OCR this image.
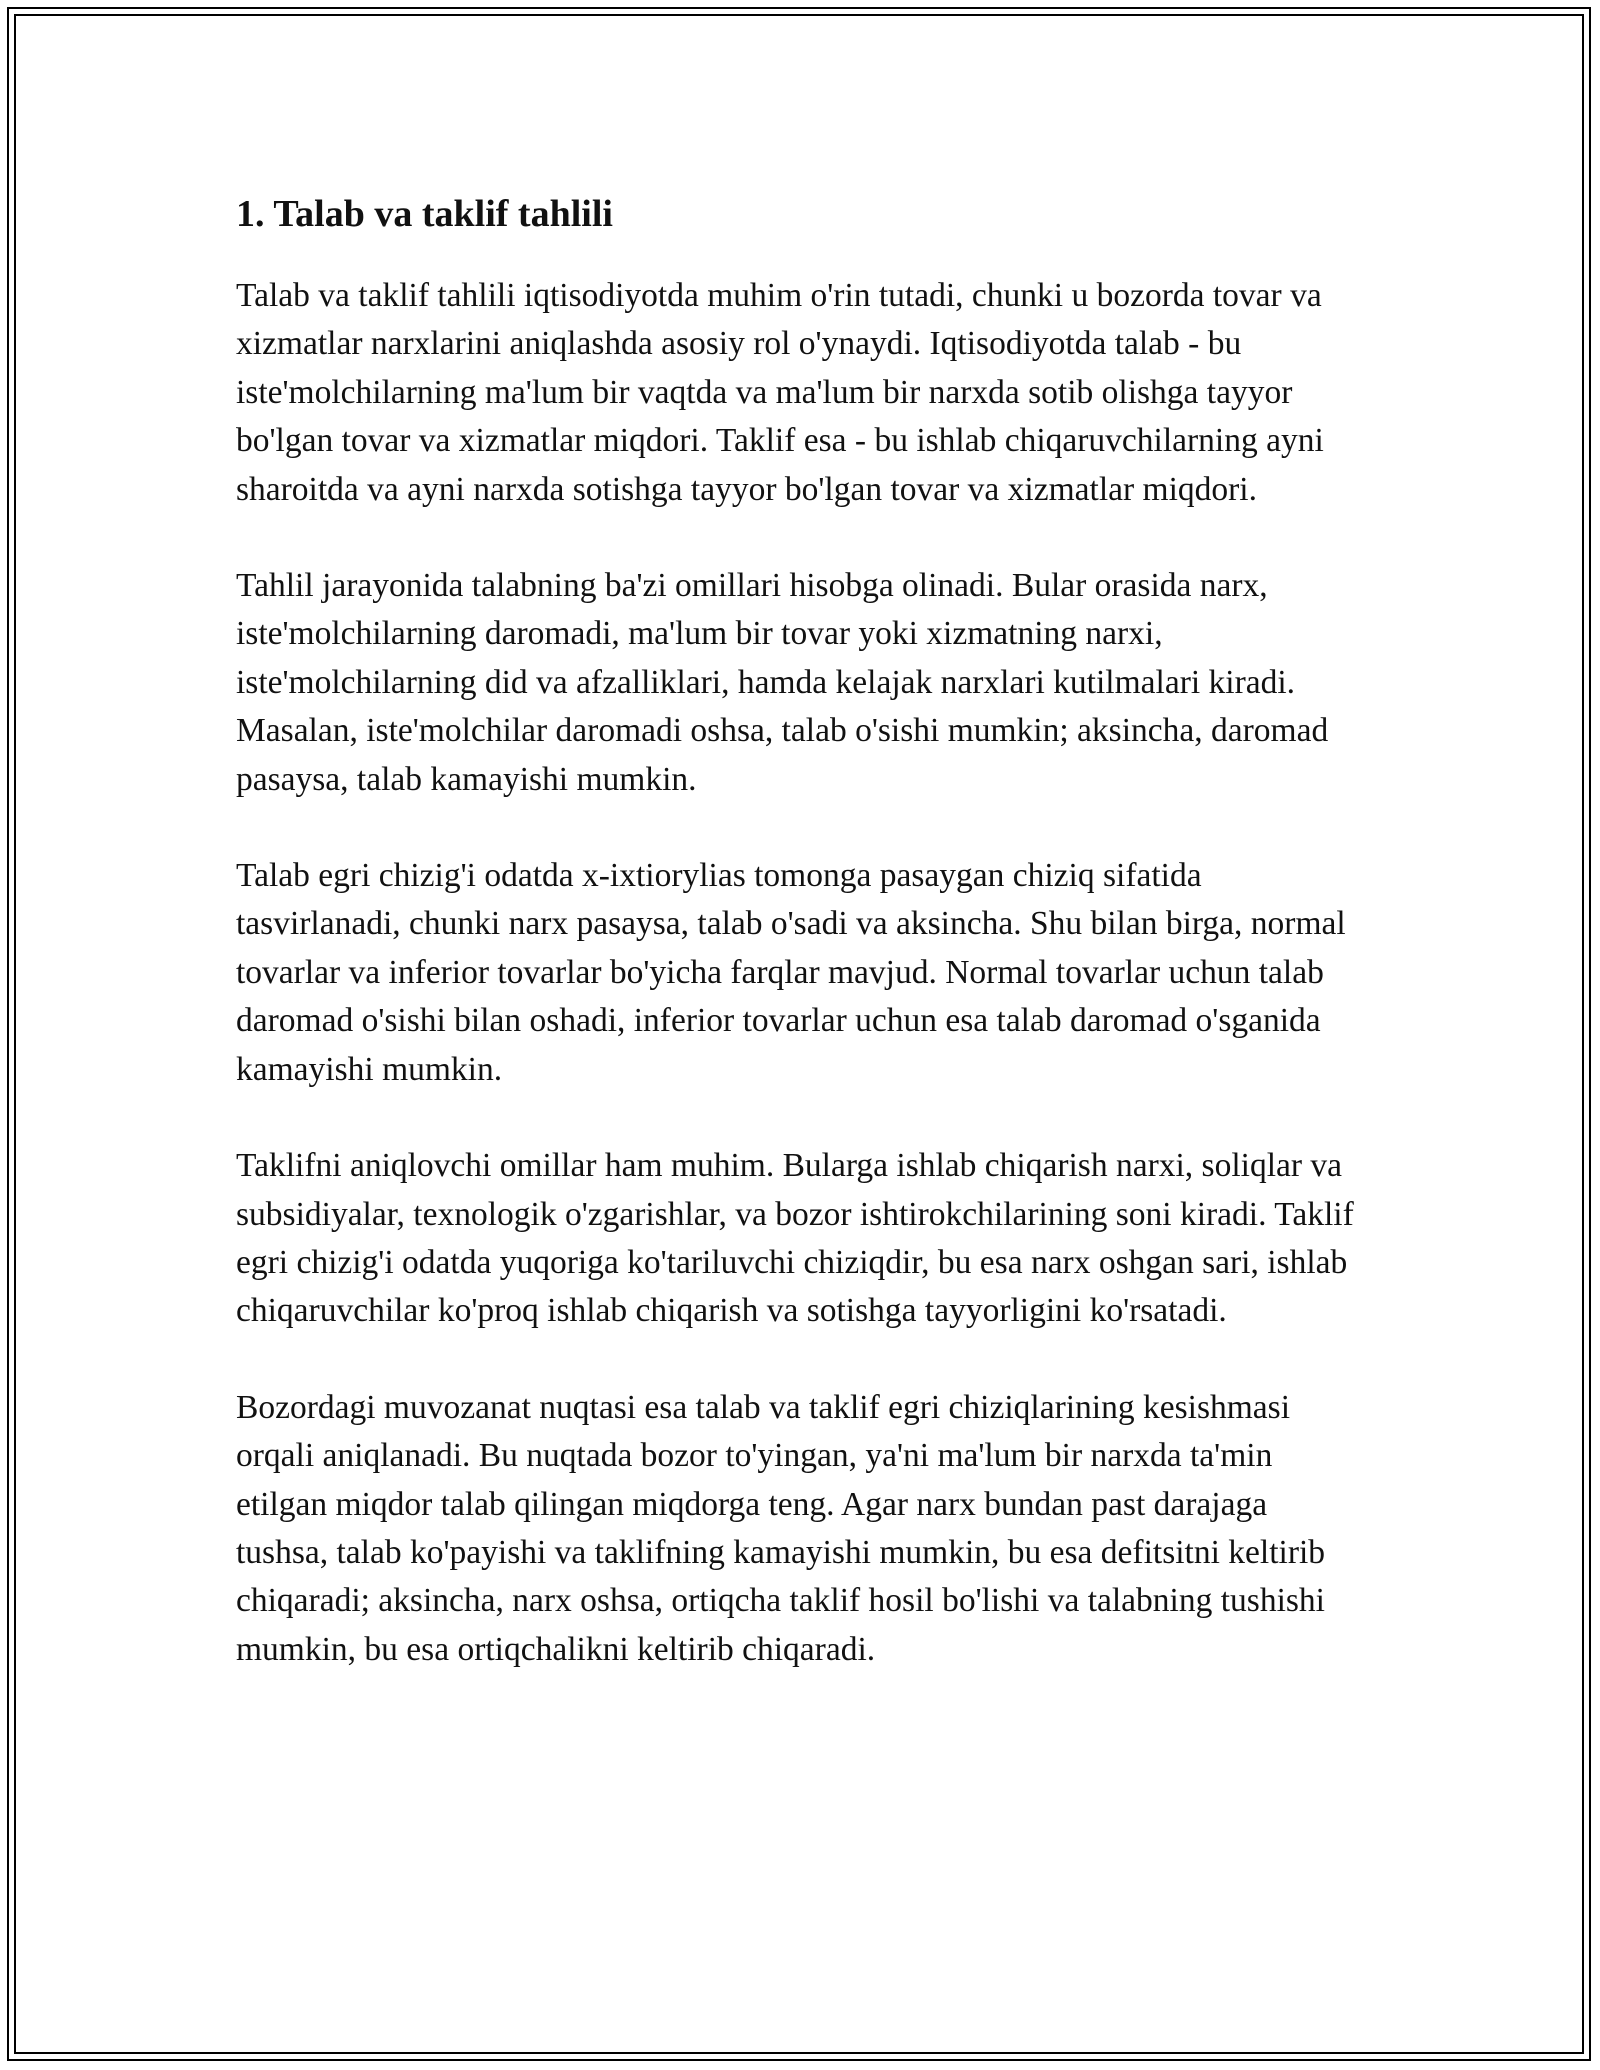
1. Talab va taklif tahlili

Talab va taklif tahlili iqtisodiyotda muhim o'rin tutadi, chunki u bozorda tovar va xizmatlar narxlarini aniqlashda asosiy rol o'ynaydi. Iqtisodiyotda talab - bu iste'molchilarning ma'lum bir vaqtda va ma'lum bir narxda sotib olishga tayyor bo'lgan tovar va xizmatlar miqdori. Taklif esa - bu ishlab chiqaruvchilarning ayni sharoitda va ayni narxda sotishga tayyor bo'lgan tovar va xizmatlar miqdori.

Tahlil jarayonida talabning ba'zi omillari hisobga olinadi. Bular orasida narx, iste'molchilarning daromadi, ma'lum bir tovar yoki xizmatning narxi, iste'molchilarning did va afzalliklari, hamda kelajak narxlari kutilmalari kiradi. Masalan, iste'molchilar daromadi oshsa, talab o'sishi mumkin; aksincha, daromad pasaysa, talab kamayishi mumkin.

Talab egri chizig'i odatda x-ixtiorylias tomonga pasaygan chiziq sifatida tasvirlanadi, chunki narx pasaysa, talab o'sadi va aksincha. Shu bilan birga, normal tovarlar va inferior tovarlar bo'yicha farqlar mavjud. Normal tovarlar uchun talab daromad o'sishi bilan oshadi, inferior tovarlar uchun esa talab daromad o'sganida kamayishi mumkin.

Taklifni aniqlovchi omillar ham muhim. Bularga ishlab chiqarish narxi, soliqlar va subsidiyalar, texnologik o'zgarishlar, va bozor ishtirokchilarining soni kiradi. Taklif egri chizig'i odatda yuqoriga ko'tariluvchi chiziqdir, bu esa narx oshgan sari, ishlab chiqaruvchilar ko'proq ishlab chiqarish va sotishga tayyorligini ko'rsatadi.

Bozordagi muvozanat nuqtasi esa talab va taklif egri chiziqlarining kesishmasi orqali aniqlanadi. Bu nuqtada bozor to'yingan, ya'ni ma'lum bir narxda ta'min etilgan miqdor talab qilingan miqdorga teng. Agar narx bundan past darajaga tushsa, talab ko'payishi va taklifning kamayishi mumkin, bu esa defitsitni keltirib chiqaradi; aksincha, narx oshsa, ortiqcha taklif hosil bo'lishi va talabning tushishi mumkin, bu esa ortiqchalikni keltirib chiqaradi.
